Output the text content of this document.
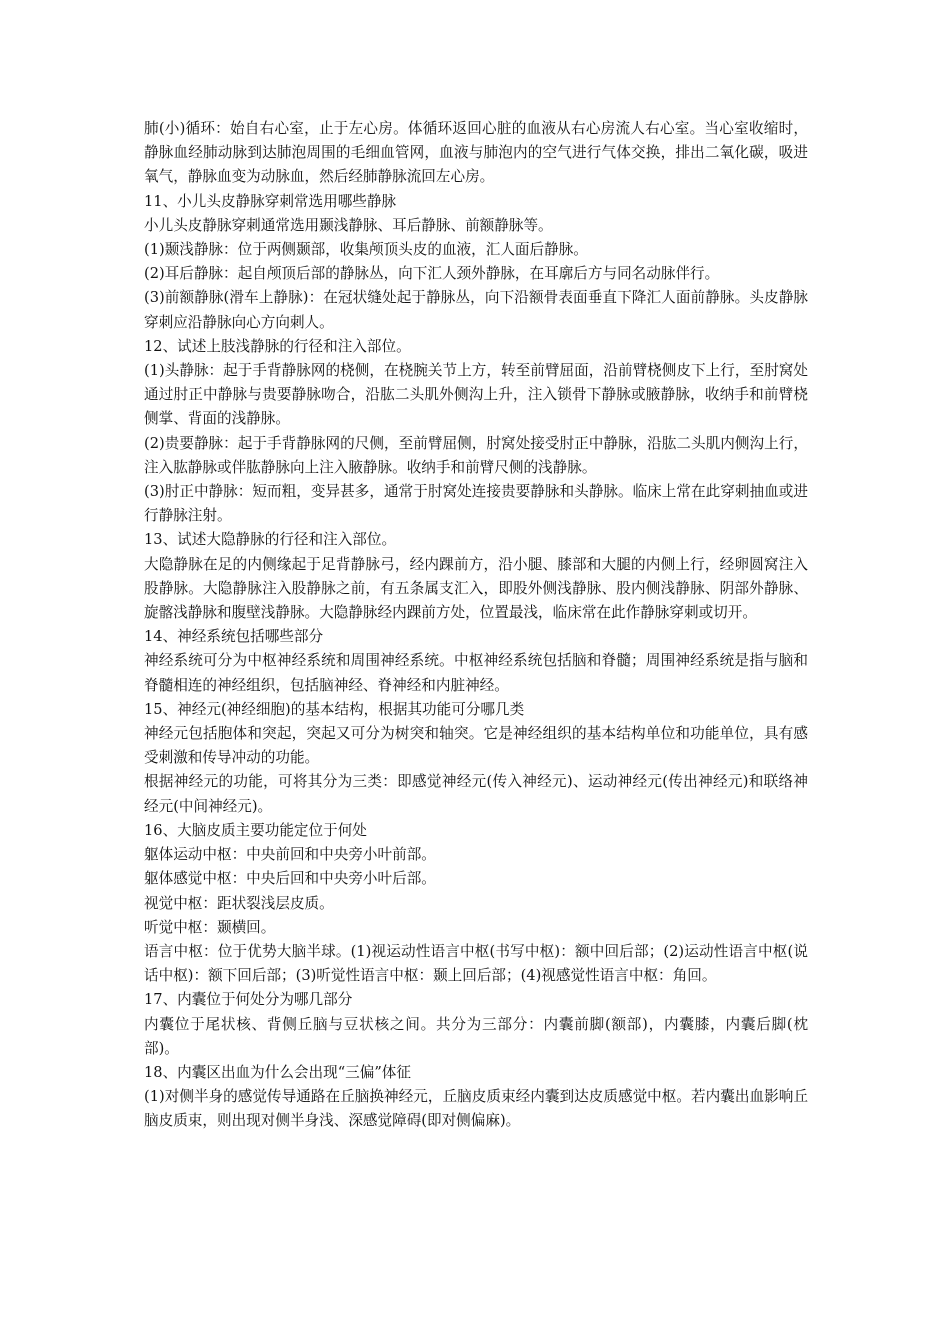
肺(小)循环：始自右心室，止于左心房。体循环返回心脏的血液从右心房流人右心室。当心室收缩时，静脉血经肺动脉到达肺泡周围的毛细血管网，血液与肺泡内的空气进行气体交换，排出二氧化碳，吸进氧气，静脉血变为动脉血，然后经肺静脉流回左心房。

11、小儿头皮静脉穿刺常选用哪些静脉

小儿头皮静脉穿刺通常选用颞浅静脉、耳后静脉、前额静脉等。

(1)颞浅静脉：位于两侧颞部，收集颅顶头皮的血液，汇人面后静脉。

(2)耳后静脉：起自颅顶后部的静脉丛，向下汇人颈外静脉，在耳廓后方与同名动脉伴行。

(3)前额静脉(滑车上静脉)：在冠状缝处起于静脉丛，向下沿额骨表面垂直下降汇人面前静脉。头皮静脉穿刺应沿静脉向心方向刺人。

12、试述上肢浅静脉的行径和注入部位。

(1)头静脉：起于手背静脉网的桡侧，在桡腕关节上方，转至前臂屈面，沿前臂桡侧皮下上行，至肘窝处通过肘正中静脉与贵要静脉吻合，沿肱二头肌外侧沟上升，注入锁骨下静脉或腋静脉，收纳手和前臂桡侧掌、背面的浅静脉。

(2)贵要静脉：起于手背静脉网的尺侧，至前臂屈侧，肘窝处接受肘正中静脉，沿肱二头肌内侧沟上行，注入肱静脉或伴肱静脉向上注入腋静脉。收纳手和前臂尺侧的浅静脉。

(3)肘正中静脉：短而粗，变异甚多，通常于肘窝处连接贵要静脉和头静脉。临床上常在此穿刺抽血或进行静脉注射。

13、试述大隐静脉的行径和注入部位。

大隐静脉在足的内侧缘起于足背静脉弓，经内踝前方，沿小腿、膝部和大腿的内侧上行，经卵圆窝注入股静脉。大隐静脉注入股静脉之前，有五条属支汇入，即股外侧浅静脉、股内侧浅静脉、阴部外静脉、旋髂浅静脉和腹壁浅静脉。大隐静脉经内踝前方处，位置最浅，临床常在此作静脉穿刺或切开。

14、神经系统包括哪些部分

神经系统可分为中枢神经系统和周围神经系统。中枢神经系统包括脑和脊髓；周围神经系统是指与脑和脊髓相连的神经组织，包括脑神经、脊神经和内脏神经。

15、神经元(神经细胞)的基本结构，根据其功能可分哪几类

神经元包括胞体和突起，突起又可分为树突和轴突。它是神经组织的基本结构单位和功能单位，具有感受刺激和传导冲动的功能。

根据神经元的功能，可将其分为三类：即感觉神经元(传入神经元)、运动神经元(传出神经元)和联络神经元(中间神经元)。

16、大脑皮质主要功能定位于何处

躯体运动中枢：中央前回和中央旁小叶前部。

躯体感觉中枢：中央后回和中央旁小叶后部。

视觉中枢：距状裂浅层皮质。

听觉中枢：颞横回。

语言中枢：位于优势大脑半球。(1)视运动性语言中枢(书写中枢)：额中回后部；(2)运动性语言中枢(说话中枢)：额下回后部；(3)听觉性语言中枢：颞上回后部；(4)视感觉性语言中枢：角回。

17、内囊位于何处分为哪几部分

内囊位于尾状核、背侧丘脑与豆状核之间。共分为三部分：内囊前脚(额部)，内囊膝，内囊后脚(枕部)。

18、内囊区出血为什么会出现“三偏”体征

(1)对侧半身的感觉传导通路在丘脑换神经元，丘脑皮质束经内囊到达皮质感觉中枢。若内囊出血影响丘脑皮质束，则出现对侧半身浅、深感觉障碍(即对侧偏麻)。
